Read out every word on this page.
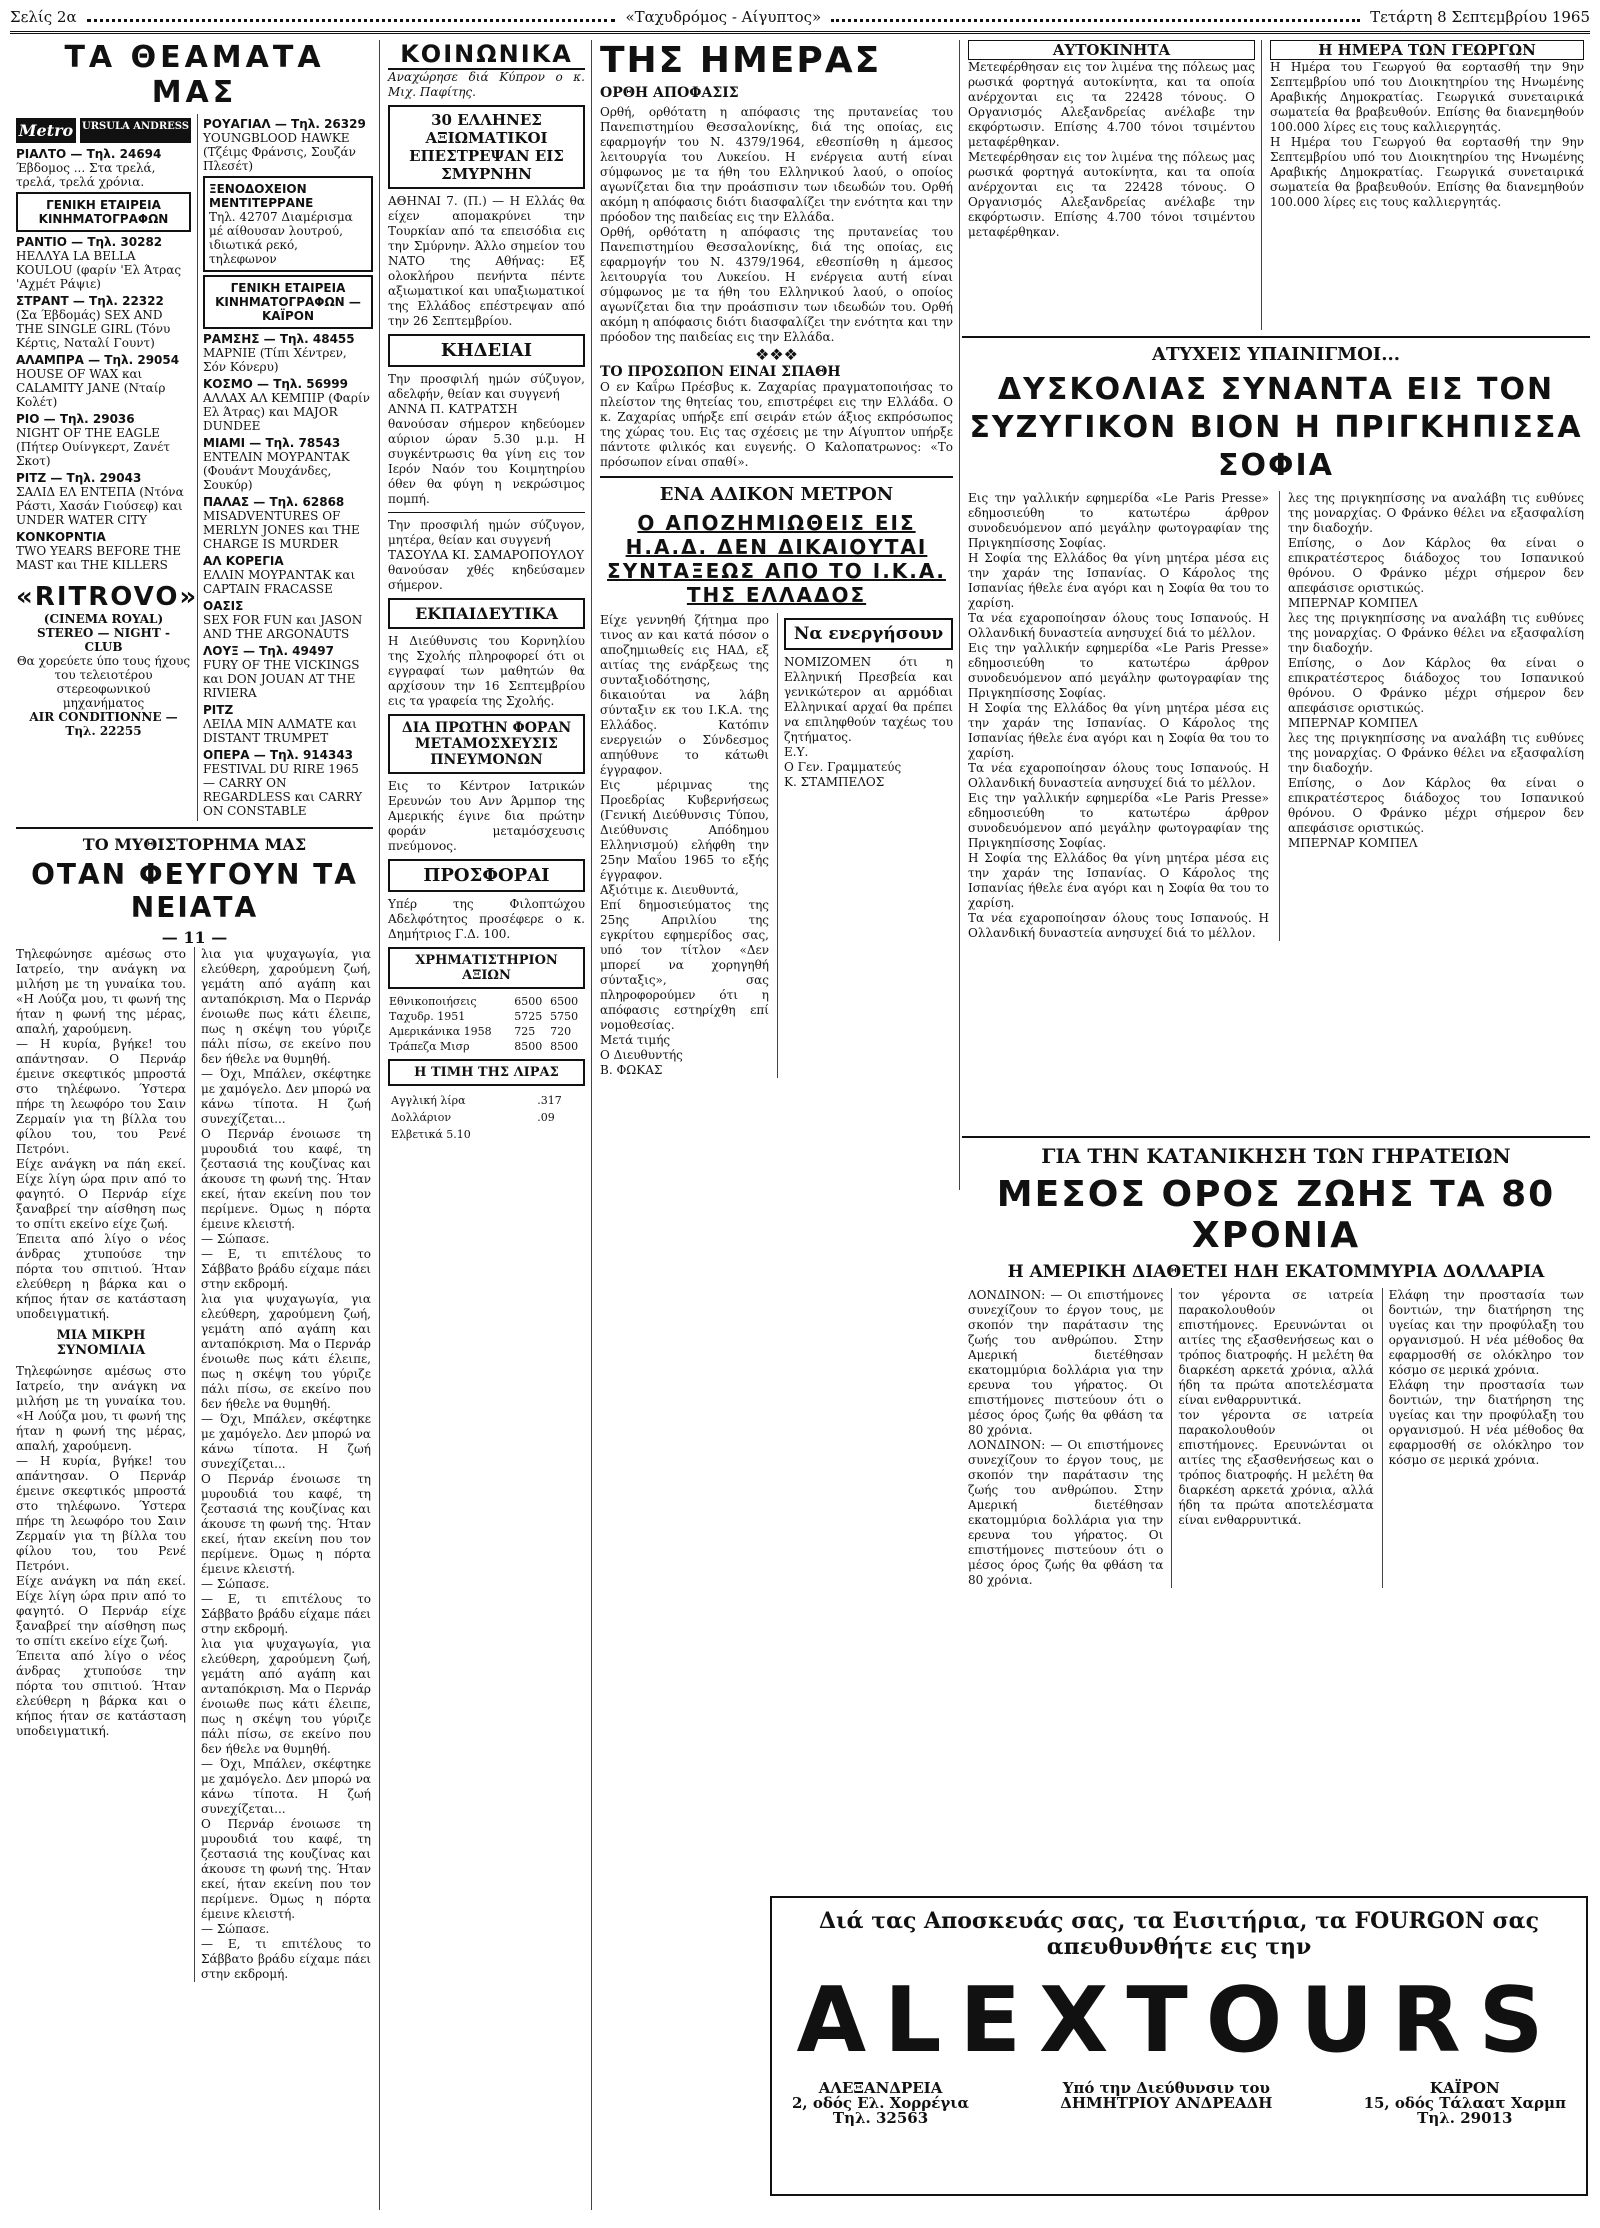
Σελίς 2α	«Ταχυδρόμος - Αίγυπτος»	Τετάρτη 8 Σεπτεμβρίου 1965
ΤΑ ΘΕΑΜΑΤΑ ΜΑΣ
Metro URSULA ANDRESS
ΡΙΑΛΤΟ — Τηλ. 24694
Έβδομος ... Στα τρελά, τρελά, τρελά χρόνια.
ΓΕΝΙΚΗ ΕΤΑΙΡΕΙΑ ΚΙΝΗΜΑΤΟΓΡΑΦΩΝ
ΡΑΝΤΙΟ — Τηλ. 30282
ΗΕΛΛΥΑ LA BELLA KOULOU (φαρίν 'Ελ Άτρας 'Αχμέτ Ράψιε)
ΣΤΡΑΝΤ — Τηλ. 22322
(Σα Έβδομάς) SEX AND THE SINGLE GIRL (Τόνυ Κέρτις, Ναταλί Γουντ)
ΑΛΑΜΠΡΑ — Τηλ. 29054
HOUSE OF WAX και CALAMITY JANE (Νταίρ Κολέτ)
ΡΙΟ — Τηλ. 29036
NIGHT OF THE EAGLE (Πήτερ Ουίνγκερτ, Ζανέτ Σκοτ)
ΡΙΤΖ — Τηλ. 29043
ΣΑΛΙΔ ΕΛ ΕΝΤΕΠΑ (Ντόνα Ράστι, Χασάν Γιούσεφ) και UNDER WATER CITY
ΚΟΝΚΟΡΝΤΙΑ
TWO YEARS BEFORE THE MAST και THE KILLERS
«RITROVO»
(CINEMA ROYAL) STEREO — NIGHT - CLUB
Θα χορεύετε ύπο τους ήχους του τελειοτέρου στερεοφωνικού μηχανήματος
AIR CONDITIONNE — Τηλ. 22255
ΡΟΥΑΓΙΑΛ — Τηλ. 26329
YOUNGBLOOD HAWKE (Τζέιμς Φράνσις, Σουζάν Πλεσέτ)
ΞΕΝΟΔΟΧΕΙΟΝ ΜΕΝΤΙΤΕΡΡΑΝΕ
Τηλ. 42707 Διαμέρισμα μέ αίθουσαν λουτρού, ιδιωτικά ρεκό, τηλεφωνον
ΓΕΝΙΚΗ ΕΤΑΙΡΕΙΑ ΚΙΝΗΜΑΤΟΓΡΑΦΩΝ — ΚΑΪΡΟΝ
ΡΑΜΣΗΣ — Τηλ. 48455
ΜΑΡΝΙΕ (Τίπι Χέντρεν, Σόν Κόνερυ)
ΚΟΣΜΟ — Τηλ. 56999
ΑΛΛΑΧ ΑΛ ΚΕΜΠΙΡ (Φαρίν Ελ Άτρας) και MAJOR DUNDEE
ΜΙΑΜΙ — Τηλ. 78543
ΕΝΤΕΛΙΝ ΜΟΥΡΑΝΤΑΚ (Φουάντ Μουχάνδες, Σουκύρ)
ΠΑΛΑΣ — Τηλ. 62868
MISADVENTURES OF MERLYN JONES και THE CHARGE IS MURDER
ΑΛ ΚΟΡΕΓΙΑ
ΕΛΛΙΝ ΜΟΥΡΑΝΤΑΚ και CAPTAIN FRACASSE
ΟΑΣΙΣ
SEX FOR FUN και JASON AND THE ARGONAUTS
ΛΟΥΞ — Τηλ. 49497
FURY OF THE VICKINGS και DON JOUAN AT THE RIVIERA
ΡΙΤΖ
ΛΕΙΛΑ ΜΙΝ ΑΛΜΑΤΕ και DISTANT TRUMPET
ΟΠΕΡΑ — Τηλ. 914343
FESTIVAL DU RIRE 1965 — CARRY ON REGARDLESS και CARRY ON CONSTABLE
ΤΟ ΜΥΘΙΣΤΟΡΗΜΑ ΜΑΣ
ΟΤΑΝ ΦΕΥΓΟΥΝ ΤΑ ΝΕΙΑΤΑ
— 11 —
Τηλεφώνησε αμέσως στο Ιατρείο, την ανάγκη να μιλήση με τη γυναίκα του. «Η Λούζα μου, τι φωνή της ήταν η φωνή της μέρας, απαλή, χαρούμενη.
— Η κυρία, βγήκε! του απάντησαν. Ο Περνάρ έμεινε σκεφτικός μπροστά στο τηλέφωνο. Ύστερα πήρε τη λεωφόρο του Σαιν Ζερμαίν για τη βίλλα του φίλου του, του Ρενέ Πετρόνι.
Είχε ανάγκη να πάη εκεί. Είχε λίγη ώρα πριν από το φαγητό. Ο Περνάρ είχε ξαναβρεί την αίσθηση πως το σπίτι εκείνο είχε ζωή.
Έπειτα από λίγο ο νέος άνδρας χτυπούσε την πόρτα του σπιτιού. Ήταν ελεύθερη η βάρκα και ο κήπος ήταν σε κατάσταση υποδειγματική.
ΜΙΑ ΜΙΚΡΗ ΣΥΝΟΜΙΛΙΑ
Τηλεφώνησε αμέσως στο Ιατρείο, την ανάγκη να μιλήση με τη γυναίκα του. «Η Λούζα μου, τι φωνή της ήταν η φωνή της μέρας, απαλή, χαρούμενη.
— Η κυρία, βγήκε! του απάντησαν. Ο Περνάρ έμεινε σκεφτικός μπροστά στο τηλέφωνο. Ύστερα πήρε τη λεωφόρο του Σαιν Ζερμαίν για τη βίλλα του φίλου του, του Ρενέ Πετρόνι.
Είχε ανάγκη να πάη εκεί. Είχε λίγη ώρα πριν από το φαγητό. Ο Περνάρ είχε ξαναβρεί την αίσθηση πως το σπίτι εκείνο είχε ζωή.
Έπειτα από λίγο ο νέος άνδρας χτυπούσε την πόρτα του σπιτιού. Ήταν ελεύθερη η βάρκα και ο κήπος ήταν σε κατάσταση υποδειγματική.
λια για ψυχαγωγία, για ελεύθερη, χαρούμενη ζωή, γεμάτη από αγάπη και ανταπόκριση. Μα ο Περνάρ ένοιωθε πως κάτι έλειπε, πως η σκέψη του γύριζε πάλι πίσω, σε εκείνο που δεν ήθελε να θυμηθή.
— Όχι, Μπάλεν, σκέφτηκε με χαμόγελο. Δεν μπορώ να κάνω τίποτα. Η ζωή συνεχίζεται...
Ο Περνάρ ένοιωσε τη μυρουδιά του καφέ, τη ζεστασιά της κουζίνας και άκουσε τη φωνή της. Ήταν εκεί, ήταν εκείνη που τον περίμενε. Όμως η πόρτα έμεινε κλειστή.
— Σώπασε.
— Ε, τι επιτέλους το Σάββατο βράδυ είχαμε πάει στην εκδρομή.
λια για ψυχαγωγία, για ελεύθερη, χαρούμενη ζωή, γεμάτη από αγάπη και ανταπόκριση. Μα ο Περνάρ ένοιωθε πως κάτι έλειπε, πως η σκέψη του γύριζε πάλι πίσω, σε εκείνο που δεν ήθελε να θυμηθή.
— Όχι, Μπάλεν, σκέφτηκε με χαμόγελο. Δεν μπορώ να κάνω τίποτα. Η ζωή συνεχίζεται...
Ο Περνάρ ένοιωσε τη μυρουδιά του καφέ, τη ζεστασιά της κουζίνας και άκουσε τη φωνή της. Ήταν εκεί, ήταν εκείνη που τον περίμενε. Όμως η πόρτα έμεινε κλειστή.
— Σώπασε.
— Ε, τι επιτέλους το Σάββατο βράδυ είχαμε πάει στην εκδρομή.
λια για ψυχαγωγία, για ελεύθερη, χαρούμενη ζωή, γεμάτη από αγάπη και ανταπόκριση. Μα ο Περνάρ ένοιωθε πως κάτι έλειπε, πως η σκέψη του γύριζε πάλι πίσω, σε εκείνο που δεν ήθελε να θυμηθή.
— Όχι, Μπάλεν, σκέφτηκε με χαμόγελο. Δεν μπορώ να κάνω τίποτα. Η ζωή συνεχίζεται...
Ο Περνάρ ένοιωσε τη μυρουδιά του καφέ, τη ζεστασιά της κουζίνας και άκουσε τη φωνή της. Ήταν εκεί, ήταν εκείνη που τον περίμενε. Όμως η πόρτα έμεινε κλειστή.
— Σώπασε.
— Ε, τι επιτέλους το Σάββατο βράδυ είχαμε πάει στην εκδρομή.
ΚΟΙΝΩΝΙΚΑ
Αναχώρησε διά Κύπρον ο κ. Μιχ. Παφίτης.
30 ΕΛΛΗΝΕΣ ΑΞΙΩΜΑΤΙΚΟΙ ΕΠΕΣΤΡΕΨΑΝ ΕΙΣ ΣΜΥΡΝΗΝ
ΑΘΗΝΑΙ 7. (Π.) — Η Ελλάς θα είχεν απομακρύνει την Τουρκίαν από τα επεισόδια εις την Σμύρνην. Άλλο σημείον του ΝΑΤΟ της Αθήνας: Εξ ολοκλήρου πενήντα πέντε αξιωματικοί και υπαξιωματικοί της Ελλάδος επέστρεψαν από την 26 Σεπτεμβρίου.
ΚΗΔΕΙΑΙ
Την προσφιλή ημών σύζυγον, αδελφήν, θείαν και συγγενή
ΑΝΝΑ Π. ΚΑΤΡΑΤΣΗ
θανούσαν σήμερον κηδεύομεν αύριον ώραν 5.30 μ.μ. Η συγκέντρωσις θα γίνη εις τον Ιερόν Ναόν του Κοιμητηρίου όθεν θα φύγη η νεκρώσιμος πομπή.
Την προσφιλή ημών σύζυγον, μητέρα, θείαν και συγγενή
ΤΑΣΟΥΛΑ ΚΙ. ΣΑΜΑΡΟΠΟΥΛΟΥ
θανούσαν χθές κηδεύσαμεν σήμερον.
ΕΚΠΑΙΔΕΥΤΙΚΑ
Η Διεύθυνσις του Κορνηλίου της Σχολής πληροφορεί ότι οι εγγραφαί των μαθητών θα αρχίσουν την 16 Σεπτεμβρίου εις τα γραφεία της Σχολής.
ΔΙΑ ΠΡΩΤΗΝ ΦΟΡΑΝ ΜΕΤΑΜΟΣΧΕΥΣΙΣ ΠΝΕΥΜΟΝΩΝ
Εις το Κέντρον Ιατρικών Ερευνών του Ανν Άρμπορ της Αμερικής έγινε δια πρώτην φοράν μεταμόσχευσις πνεύμονος.
ΠΡΟΣΦΟΡΑΙ
Υπέρ της Φιλοπτώχου Αδελφότητος προσέφερε ο κ. Δημήτριος Γ.Δ. 100.
ΧΡΗΜΑΤΙΣΤΗΡΙΟΝ ΑΞΙΩΝ
Εθνικοποιήσεις	6500	6500
Ταχυδρ. 1951	5725	5750
Αμερικάνικα 1958	725	720
Τράπεζα Μισρ	8500	8500
Η ΤΙΜΗ ΤΗΣ ΛΙΡΑΣ
Αγγλική λίρα	.317
Δολλάριον	.09
Ελβετικά 5.10	
ΤΗΣ ΗΜΕΡΑΣ
ΟΡΘΗ ΑΠΟΦΑΣΙΣ
Ορθή, ορθότατη η απόφασις της πρυτανείας του Πανεπιστημίου Θεσσαλονίκης, διά της οποίας, εις εφαρμογήν του Ν. 4379/1964, εθεσπίσθη η άμεσος λειτουργία του Λυκείου. Η ενέργεια αυτή είναι σύμφωνος με τα ήθη του Ελληνικού λαού, ο οποίος αγωνίζεται δια την προάσπισιν των ιδεωδών του. Ορθή ακόμη η απόφασις διότι διασφαλίζει την ενότητα και την πρόοδον της παιδείας εις την Ελλάδα.
Ορθή, ορθότατη η απόφασις της πρυτανείας του Πανεπιστημίου Θεσσαλονίκης, διά της οποίας, εις εφαρμογήν του Ν. 4379/1964, εθεσπίσθη η άμεσος λειτουργία του Λυκείου. Η ενέργεια αυτή είναι σύμφωνος με τα ήθη του Ελληνικού λαού, ο οποίος αγωνίζεται δια την προάσπισιν των ιδεωδών του. Ορθή ακόμη η απόφασις διότι διασφαλίζει την ενότητα και την πρόοδον της παιδείας εις την Ελλάδα.
❖❖❖
ΤΟ ΠΡΟΣΩΠΟΝ ΕΙΝΑΙ ΣΠΑΘΗ
Ο εν Καΐρω Πρέσβυς κ. Ζαχαρίας πραγματοποιήσας το πλείστον της θητείας του, επιστρέφει εις την Ελλάδα. Ο κ. Ζαχαρίας υπήρξε επί σειράν ετών άξιος εκπρόσωπος της χώρας του. Εις τας σχέσεις με την Αίγυπτον υπήρξε πάντοτε φιλικός και ευγενής. Ο Καλοπατρωνος: «Το πρόσωπον είναι σπαθί».
ΕΝΑ ΑΔΙΚΟΝ ΜΕΤΡΟΝ
Ο ΑΠΟΖΗΜΙΩΘΕΙΣ ΕΙΣ Η.Α.Δ. ΔΕΝ ΔΙΚΑΙΟΥΤΑΙ ΣΥΝΤΑΞΕΩΣ ΑΠΟ ΤΟ Ι.Κ.Α. ΤΗΣ ΕΛΛΑΔΟΣ
Είχε γεννηθή ζήτημα προ τινος αν και κατά πόσον ο αποζημιωθείς εις ΗΑΔ, εξ αιτίας της ενάρξεως της συνταξιοδότησης, δικαιούται να λάβη σύνταξιν εκ του Ι.Κ.Α. της Ελλάδος. Κατόπιν ενεργειών ο Σύνδεσμος απηύθυνε το κάτωθι έγγραφον.
Εις μέριμνας της Προεδρίας Κυβερνήσεως (Γενική Διεύθυνσις Τύπου, Διεύθυνσις Απόδημου Ελληνισμού) ελήφθη την 25ην Μαΐου 1965 το εξής έγγραφον.
Αξιότιμε κ. Διευθυντά,
Επί δημοσιεύματος της 25ης Απριλίου της εγκρίτου εφημερίδος σας, υπό τον τίτλον «Δεν μπορεί να χορηγηθή σύνταξις», σας πληροφορούμεν ότι η απόφασις εστηρίχθη επί νομοθεσίας.
Μετά τιμής
Ο Διευθυντής
Β. ΦΩΚΑΣ
Να ενεργήσουν
ΝΟΜΙΖΟΜΕΝ ότι η Ελληνική Πρεσβεία και γενικώτερον αι αρμόδιαι Ελληνικαί αρχαί θα πρέπει να επιληφθούν ταχέως του ζητήματος.
Ε.Υ.
Ο Γεν. Γραμματεύς
Κ. ΣΤΑΜΠΕΛΟΣ
ΑΥΤΟΚΙΝΗΤΑ
Μετεφέρθησαν εις τον λιμένα της πόλεως μας ρωσικά φορτηγά αυτοκίνητα, και τα οποία ανέρχονται εις τα 22428 τόνους. Ο Οργανισμός Αλεξανδρείας ανέλαβε την εκφόρτωσιν. Επίσης 4.700 τόνοι τσιμέντου μεταφέρθηκαν.
Μετεφέρθησαν εις τον λιμένα της πόλεως μας ρωσικά φορτηγά αυτοκίνητα, και τα οποία ανέρχονται εις τα 22428 τόνους. Ο Οργανισμός Αλεξανδρείας ανέλαβε την εκφόρτωσιν. Επίσης 4.700 τόνοι τσιμέντου μεταφέρθηκαν.
Η ΗΜΕΡΑ ΤΩΝ ΓΕΩΡΓΩΝ
Η Ημέρα του Γεωργού θα εορτασθή την 9ην Σεπτεμβρίου υπό του Διοικητηρίου της Ηνωμένης Αραβικής Δημοκρατίας. Γεωργικά συνεταιρικά σωματεία θα βραβευθούν. Επίσης θα διανεμηθούν 100.000 λίρες εις τους καλλιεργητάς.
Η Ημέρα του Γεωργού θα εορτασθή την 9ην Σεπτεμβρίου υπό του Διοικητηρίου της Ηνωμένης Αραβικής Δημοκρατίας. Γεωργικά συνεταιρικά σωματεία θα βραβευθούν. Επίσης θα διανεμηθούν 100.000 λίρες εις τους καλλιεργητάς.
ΑΤΥΧΕΙΣ ΥΠΑΙΝΙΓΜΟΙ...
ΔΥΣΚΟΛΙΑΣ ΣΥΝΑΝΤΑ ΕΙΣ ΤΟΝ ΣΥΖΥΓΙΚΟΝ ΒΙΟΝ Η ΠΡΙΓΚΗΠΙΣΣΑ ΣΟΦΙΑ
Εις την γαλλικήν εφημερίδα «Le Paris Presse» εδημοσιεύθη το κατωτέρω άρθρον συνοδευόμενον από μεγάλην φωτογραφίαν της Πριγκηπίσσης Σοφίας.
Η Σοφία της Ελλάδος θα γίνη μητέρα μέσα εις την χαράν της Ισπανίας. Ο Κάρολος της Ισπανίας ήθελε ένα αγόρι και η Σοφία θα του το χαρίση.
Τα νέα εχαροποίησαν όλους τους Ισπανούς. Η Ολλανδική δυναστεία ανησυχεί διά το μέλλον.
Εις την γαλλικήν εφημερίδα «Le Paris Presse» εδημοσιεύθη το κατωτέρω άρθρον συνοδευόμενον από μεγάλην φωτογραφίαν της Πριγκηπίσσης Σοφίας.
Η Σοφία της Ελλάδος θα γίνη μητέρα μέσα εις την χαράν της Ισπανίας. Ο Κάρολος της Ισπανίας ήθελε ένα αγόρι και η Σοφία θα του το χαρίση.
Τα νέα εχαροποίησαν όλους τους Ισπανούς. Η Ολλανδική δυναστεία ανησυχεί διά το μέλλον.
Εις την γαλλικήν εφημερίδα «Le Paris Presse» εδημοσιεύθη το κατωτέρω άρθρον συνοδευόμενον από μεγάλην φωτογραφίαν της Πριγκηπίσσης Σοφίας.
Η Σοφία της Ελλάδος θα γίνη μητέρα μέσα εις την χαράν της Ισπανίας. Ο Κάρολος της Ισπανίας ήθελε ένα αγόρι και η Σοφία θα του το χαρίση.
Τα νέα εχαροποίησαν όλους τους Ισπανούς. Η Ολλανδική δυναστεία ανησυχεί διά το μέλλον.
λες της πριγκηπίσσης να αναλάβη τις ευθύνες της μοναρχίας. Ο Φράνκο θέλει να εξασφαλίση την διαδοχήν.
Επίσης, ο Δον Κάρλος θα είναι ο επικρατέστερος διάδοχος του Ισπανικού θρόνου. Ο Φράνκο μέχρι σήμερον δεν απεφάσισε οριστικώς.
ΜΠΕΡΝΑΡ ΚΟΜΠΕΛ
λες της πριγκηπίσσης να αναλάβη τις ευθύνες της μοναρχίας. Ο Φράνκο θέλει να εξασφαλίση την διαδοχήν.
Επίσης, ο Δον Κάρλος θα είναι ο επικρατέστερος διάδοχος του Ισπανικού θρόνου. Ο Φράνκο μέχρι σήμερον δεν απεφάσισε οριστικώς.
ΜΠΕΡΝΑΡ ΚΟΜΠΕΛ
λες της πριγκηπίσσης να αναλάβη τις ευθύνες της μοναρχίας. Ο Φράνκο θέλει να εξασφαλίση την διαδοχήν.
Επίσης, ο Δον Κάρλος θα είναι ο επικρατέστερος διάδοχος του Ισπανικού θρόνου. Ο Φράνκο μέχρι σήμερον δεν απεφάσισε οριστικώς.
ΜΠΕΡΝΑΡ ΚΟΜΠΕΛ
ΓΙΑ ΤΗΝ ΚΑΤΑΝΙΚΗΣΗ ΤΩΝ ΓΗΡΑΤΕΙΩΝ
ΜΕΣΟΣ ΟΡΟΣ ΖΩΗΣ ΤΑ 80 ΧΡΟΝΙΑ
Η ΑΜΕΡΙΚΗ ΔΙΑΘΕΤΕΙ ΗΔΗ ΕΚΑΤΟΜΜΥΡΙΑ ΔΟΛΛΑΡΙΑ
ΛΟΝΔΙΝΟΝ: — Οι επιστήμονες συνεχίζουν το έργον τους, με σκοπόν την παράτασιν της ζωής του ανθρώπου. Στην Αμερική διετέθησαν εκατομμύρια δολλάρια για την ερευνα του γήρατος. Οι επιστήμονες πιστεύουν ότι ο μέσος όρος ζωής θα φθάση τα 80 χρόνια.
ΛΟΝΔΙΝΟΝ: — Οι επιστήμονες συνεχίζουν το έργον τους, με σκοπόν την παράτασιν της ζωής του ανθρώπου. Στην Αμερική διετέθησαν εκατομμύρια δολλάρια για την ερευνα του γήρατος. Οι επιστήμονες πιστεύουν ότι ο μέσος όρος ζωής θα φθάση τα 80 χρόνια.
τον γέροντα σε ιατρεία παρακολουθούν οι επιστήμονες. Ερευνώνται οι αιτίες της εξασθενήσεως και ο τρόπος διατροφής. Η μελέτη θα διαρκέση αρκετά χρόνια, αλλά ήδη τα πρώτα αποτελέσματα είναι ενθαρρυντικά.
τον γέροντα σε ιατρεία παρακολουθούν οι επιστήμονες. Ερευνώνται οι αιτίες της εξασθενήσεως και ο τρόπος διατροφής. Η μελέτη θα διαρκέση αρκετά χρόνια, αλλά ήδη τα πρώτα αποτελέσματα είναι ενθαρρυντικά.
Ελάφη την προστασία των δοντιών, την διατήρηση της υγείας και την προφύλαξη του οργανισμού. Η νέα μέθοδος θα εφαρμοσθή σε ολόκληρο τον κόσμο σε μερικά χρόνια.
Ελάφη την προστασία των δοντιών, την διατήρηση της υγείας και την προφύλαξη του οργανισμού. Η νέα μέθοδος θα εφαρμοσθή σε ολόκληρο τον κόσμο σε μερικά χρόνια.
Διά τας Αποσκευάς σας, τα Εισιτήρια, τα FOURGON σας απευθυνθήτε εις την
ALEXTOURS
ΑΛΕΞΑΝΔΡΕΙΑ
2, οδός Ελ. Χορρέγια
Τηλ. 32563
Υπό την Διεύθυνσιν του
ΔΗΜΗΤΡΙΟΥ ΑΝΔΡΕΑΔΗ
ΚΑΪΡΟΝ
15, οδός Τάλαατ Χαρμπ
Τηλ. 29013
